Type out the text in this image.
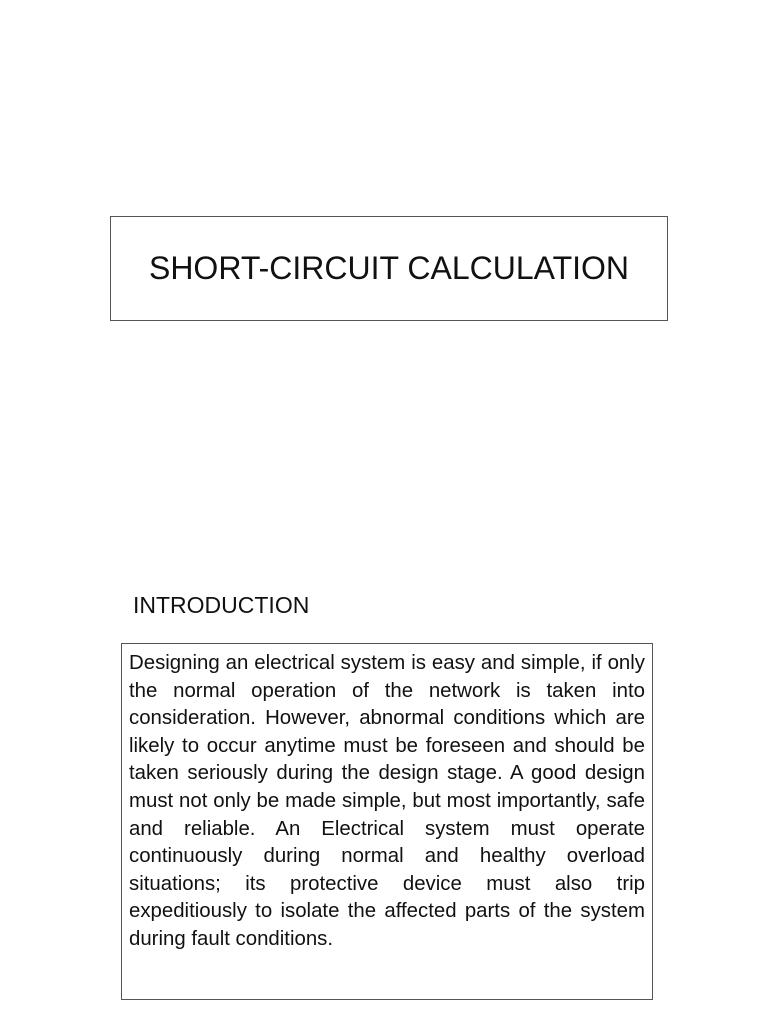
SHORT-CIRCUIT CALCULATION
INTRODUCTION

Designing an electrical system is easy and simple, if only the normal operation of the network is taken into consideration. However, abnormal conditions which are likely to occur anytime must be foreseen and should be taken seriously during the design stage. A good design must not only be made simple, but most importantly, safe and reliable. An Electrical system must operate continuously during normal and healthy overload situations; its protective device must also trip expeditiously to isolate the affected parts of the system during fault conditions.
